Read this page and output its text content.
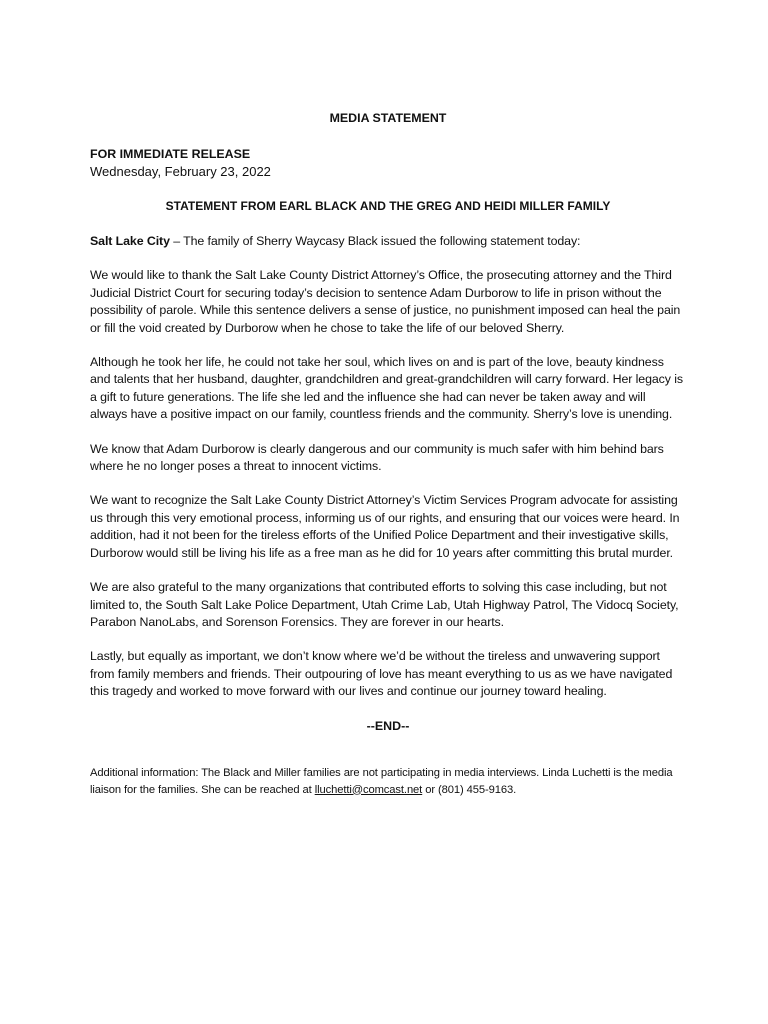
MEDIA STATEMENT
FOR IMMEDIATE RELEASE
Wednesday, February 23, 2022
STATEMENT FROM EARL BLACK AND THE GREG AND HEIDI MILLER FAMILY

Salt Lake City – The family of Sherry Waycasy Black issued the following statement today:

We would like to thank the Salt Lake County District Attorney’s Office, the prosecuting attorney and the Third Judicial District Court for securing today’s decision to sentence Adam Durborow to life in prison without the possibility of parole. While this sentence delivers a sense of justice, no punishment imposed can heal the pain or fill the void created by Durborow when he chose to take the life of our beloved Sherry.

Although he took her life, he could not take her soul, which lives on and is part of the love, beauty kindness and talents that her husband, daughter, grandchildren and great-grandchildren will carry forward. Her legacy is a gift to future generations. The life she led and the influence she had can never be taken away and will always have a positive impact on our family, countless friends and the community. Sherry’s love is unending.

We know that Adam Durborow is clearly dangerous and our community is much safer with him behind bars where he no longer poses a threat to innocent victims.

We want to recognize the Salt Lake County District Attorney’s Victim Services Program advocate for assisting us through this very emotional process, informing us of our rights, and ensuring that our voices were heard. In addition, had it not been for the tireless efforts of the Unified Police Department and their investigative skills, Durborow would still be living his life as a free man as he did for 10 years after committing this brutal murder.

We are also grateful to the many organizations that contributed efforts to solving this case including, but not limited to, the South Salt Lake Police Department, Utah Crime Lab, Utah Highway Patrol, The Vidocq Society, Parabon NanoLabs, and Sorenson Forensics. They are forever in our hearts.

Lastly, but equally as important, we don’t know where we’d be without the tireless and unwavering support from family members and friends. Their outpouring of love has meant everything to us as we have navigated this tragedy and worked to move forward with our lives and continue our journey toward healing.

--END--
Additional information: The Black and Miller families are not participating in media interviews. Linda Luchetti is the media liaison for the families. She can be reached at lluchetti@comcast.net or (801) 455-9163.
